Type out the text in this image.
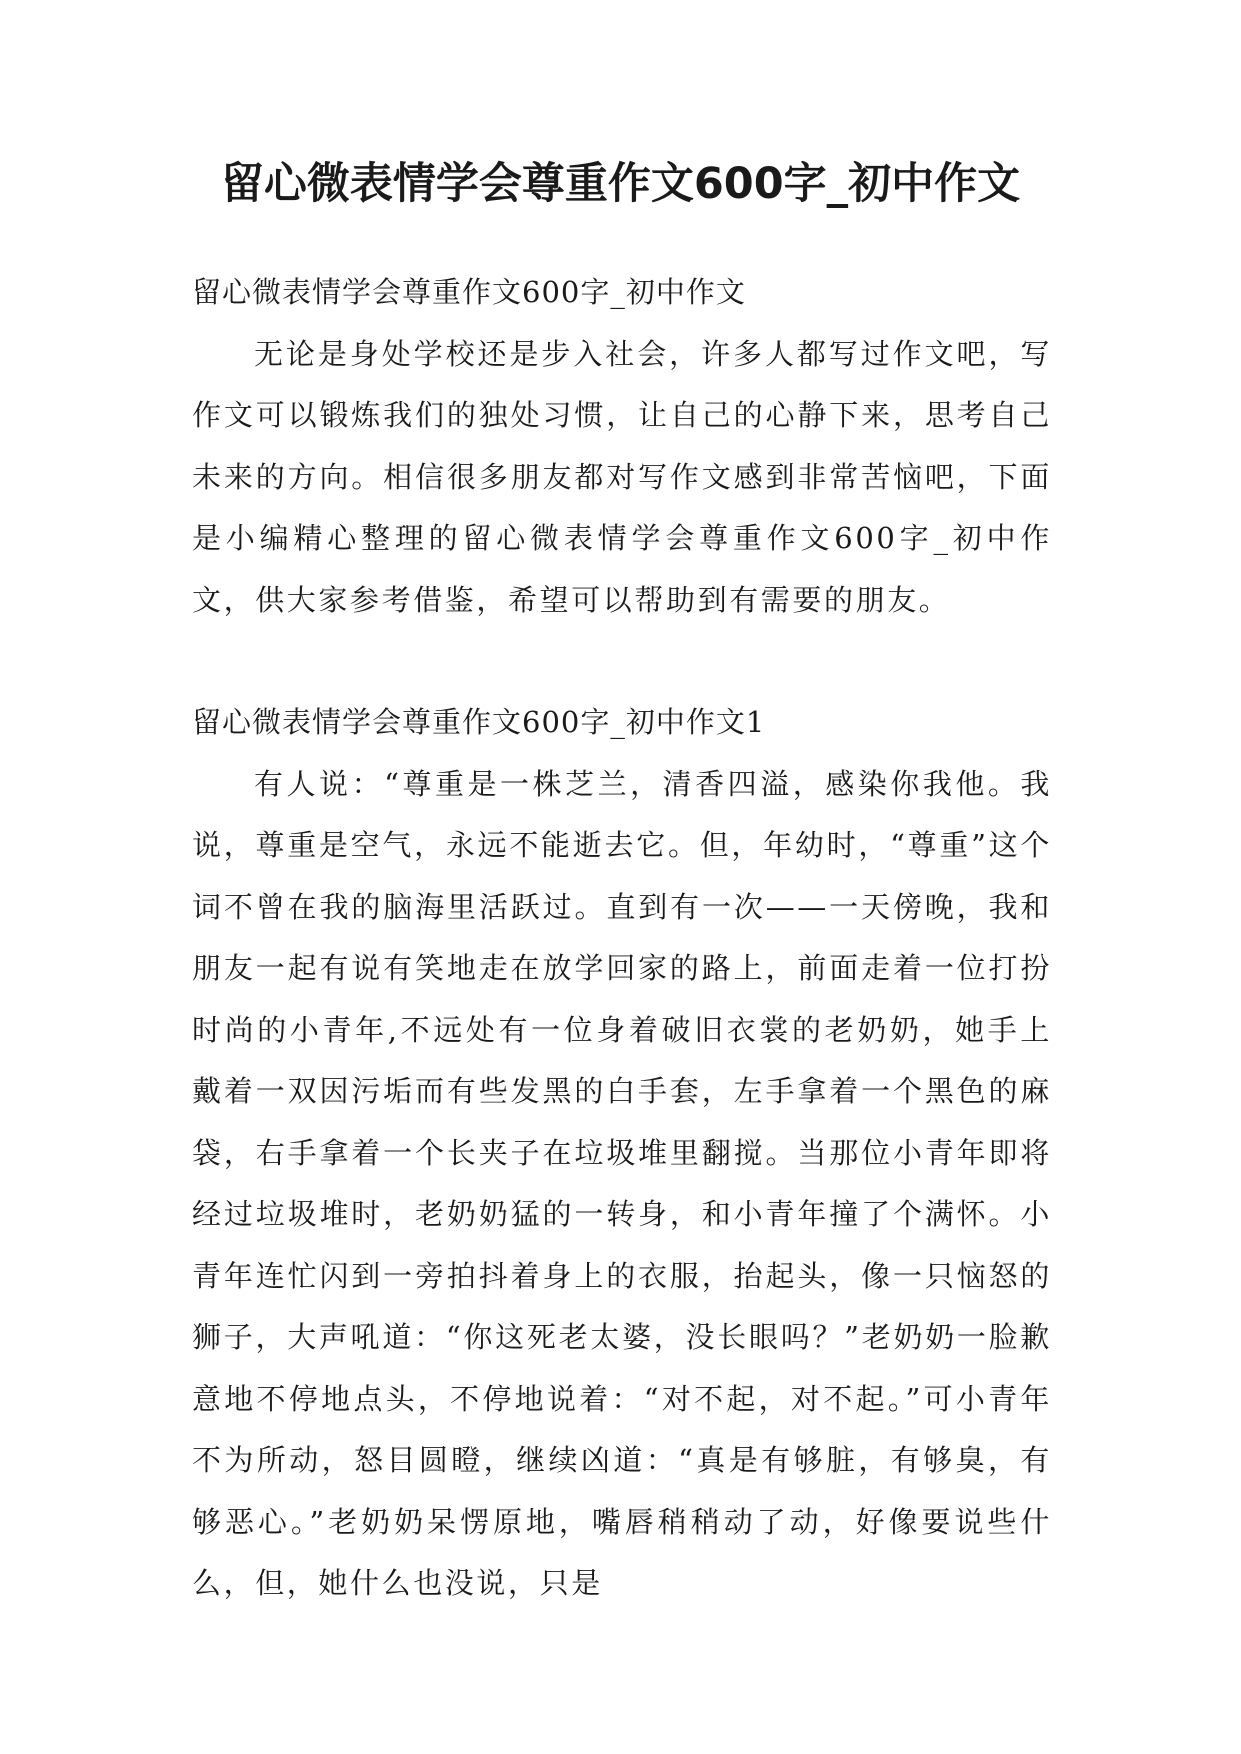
留心微表情学会尊重作文600字_初中作文

留心微表情学会尊重作文600字_初中作文

无论是身处学校还是步入社会，许多人都写过作文吧，写作文可以锻炼我们的独处习惯，让自己的心静下来，思考自己未来的方向。相信很多朋友都对写作文感到非常苦恼吧，下面是小编精心整理的留心微表情学会尊重作文600字_初中作文，供大家参考借鉴，希望可以帮助到有需要的朋友。

留心微表情学会尊重作文600字_初中作文1

有人说：“尊重是一株芝兰，清香四溢，感染你我他。我说，尊重是空气，永远不能逝去它。但，年幼时，“尊重”这个词不曾在我的脑海里活跃过。直到有一次——一天傍晚，我和朋友一起有说有笑地走在放学回家的路上，前面走着一位打扮时尚的小青年,不远处有一位身着破旧衣裳的老奶奶，她手上戴着一双因污垢而有些发黑的白手套，左手拿着一个黑色的麻袋，右手拿着一个长夹子在垃圾堆里翻搅。当那位小青年即将经过垃圾堆时，老奶奶猛的一转身，和小青年撞了个满怀。小青年连忙闪到一旁拍抖着身上的衣服，抬起头，像一只恼怒的狮子，大声吼道：“你这死老太婆，没长眼吗？”老奶奶一脸歉意地不停地点头，不停地说着：“对不起，对不起。”可小青年不为所动，怒目圆瞪，继续凶道：“真是有够脏，有够臭，有够恶心。”老奶奶呆愣原地，嘴唇稍稍动了动，好像要说些什么，但，她什么也没说，只是
